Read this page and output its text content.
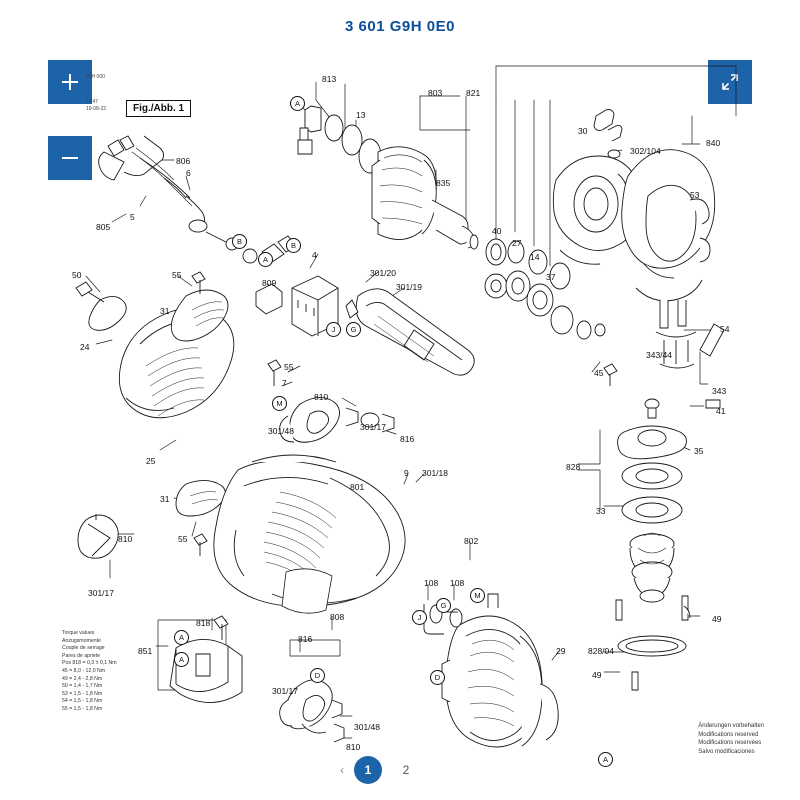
3 601 G9H 0E0
99H 000
1H47
19-08-22	Fig./Abb. 1
Torque values
Anzugsmomente
Couple de serrage
Pares de apriete
Pos 818 = 0,3 ± 0,1 Nm
45 = 8,0 - 12,0 Nm
49 = 2,4 - 2,8 Nm
50 = 1,4 - 1,7 Nm
53 = 1,5 - 1,8 Nm
54 = 1,5 - 1,8 Nm
55 = 1,5 - 1,8 Nm
Änderungen vorbehalten
Modifications reserved
Modifications reservées
Salvo modificaciones
‹	1	2
813
803	821
13
30
302/104
840
806
6
835
53
5
805	40
27
14
37
4
301/20
301/19
55
50
809
31
24
343/44
54
343
41
45
55
7
810
35
828
301/48	301/17
816
25
33
9 301/18
801
31
810	55
301/17
802
49
828/04
49
108 108
818
851
816
808
29
301/17
301/48
810
A
B
A
B
J	G
M
J
G
M
A
A
D	D
A
